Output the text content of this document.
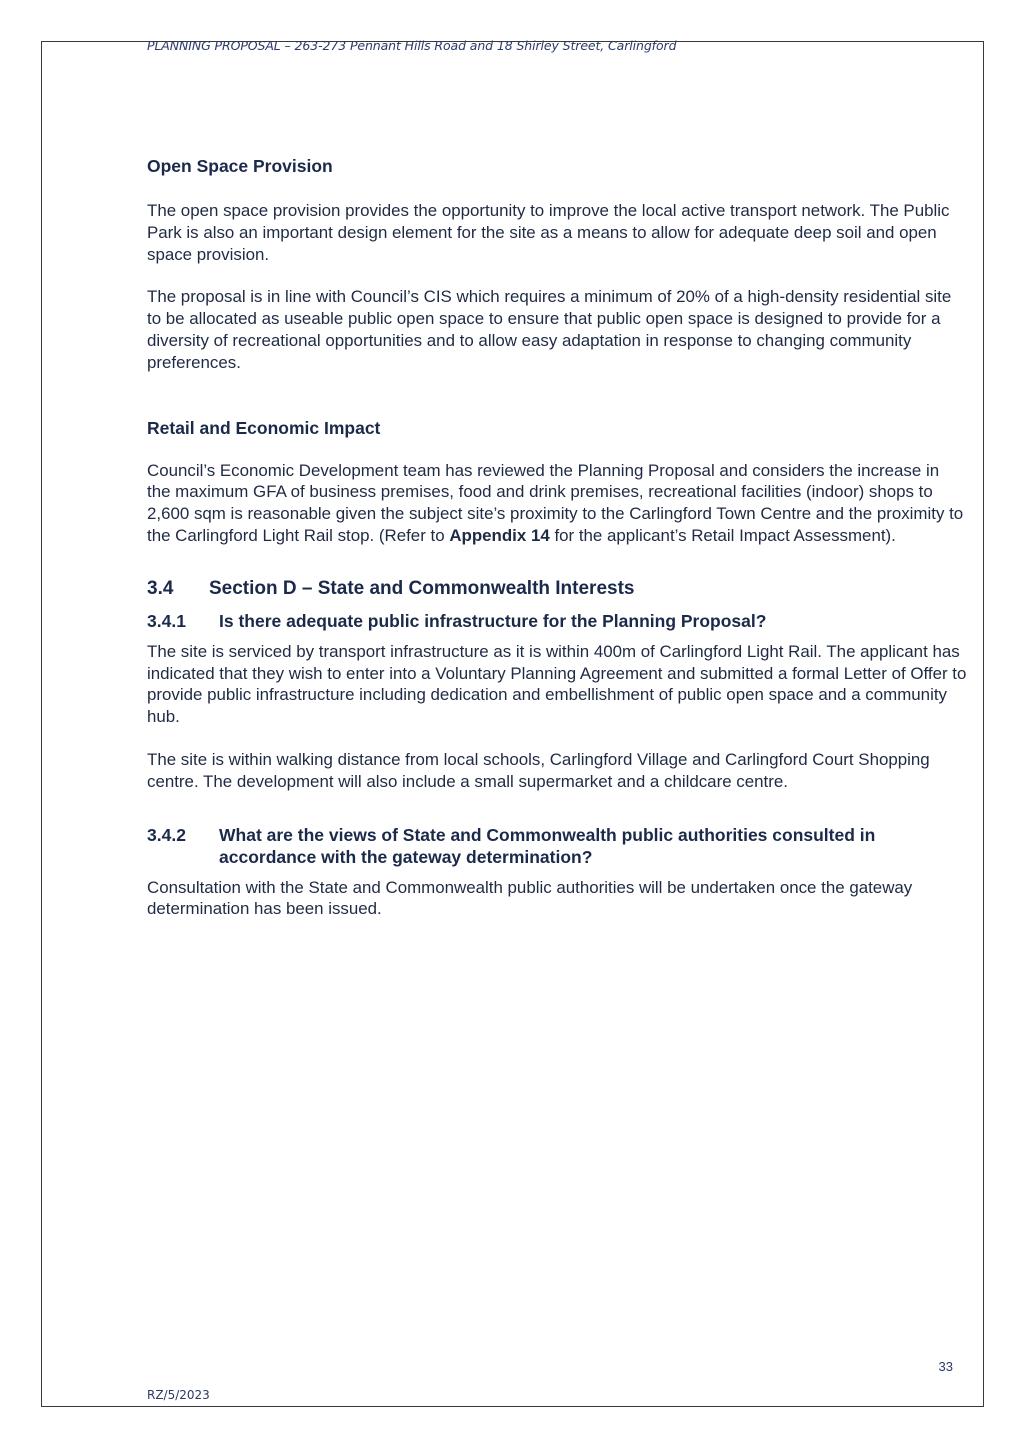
PLANNING PROPOSAL – 263-273 Pennant Hills Road and 18 Shirley Street, Carlingford
Open Space Provision

The open space provision provides the opportunity to improve the local active transport network. The Public Park is also an important design element for the site as a means to allow for adequate deep soil and open space provision.

The proposal is in line with Council’s CIS which requires a minimum of 20% of a high-density residential site to be allocated as useable public open space to ensure that public open space is designed to provide for a diversity of recreational opportunities and to allow easy adaptation in response to changing community preferences.

Retail and Economic Impact

Council’s Economic Development team has reviewed the Planning Proposal and considers the increase in the maximum GFA of business premises, food and drink premises, recreational facilities (indoor) shops to 2,600 sqm is reasonable given the subject site’s proximity to the Carlingford Town Centre and the proximity to the Carlingford Light Rail stop. (Refer to Appendix 14 for the applicant’s Retail Impact Assessment).

3.4	Section D – State and Commonwealth Interests
3.4.1	Is there adequate public infrastructure for the Planning Proposal?

The site is serviced by transport infrastructure as it is within 400m of Carlingford Light Rail. The applicant has indicated that they wish to enter into a Voluntary Planning Agreement and submitted a formal Letter of Offer to provide public infrastructure including dedication and embellishment of public open space and a community hub.

The site is within walking distance from local schools, Carlingford Village and Carlingford Court Shopping centre. The development will also include a small supermarket and a childcare centre.

3.4.2	What are the views of State and Commonwealth public authorities consulted in accordance with the gateway determination?

Consultation with the State and Commonwealth public authorities will be undertaken once the gateway determination has been issued.

33
RZ/5/2023
